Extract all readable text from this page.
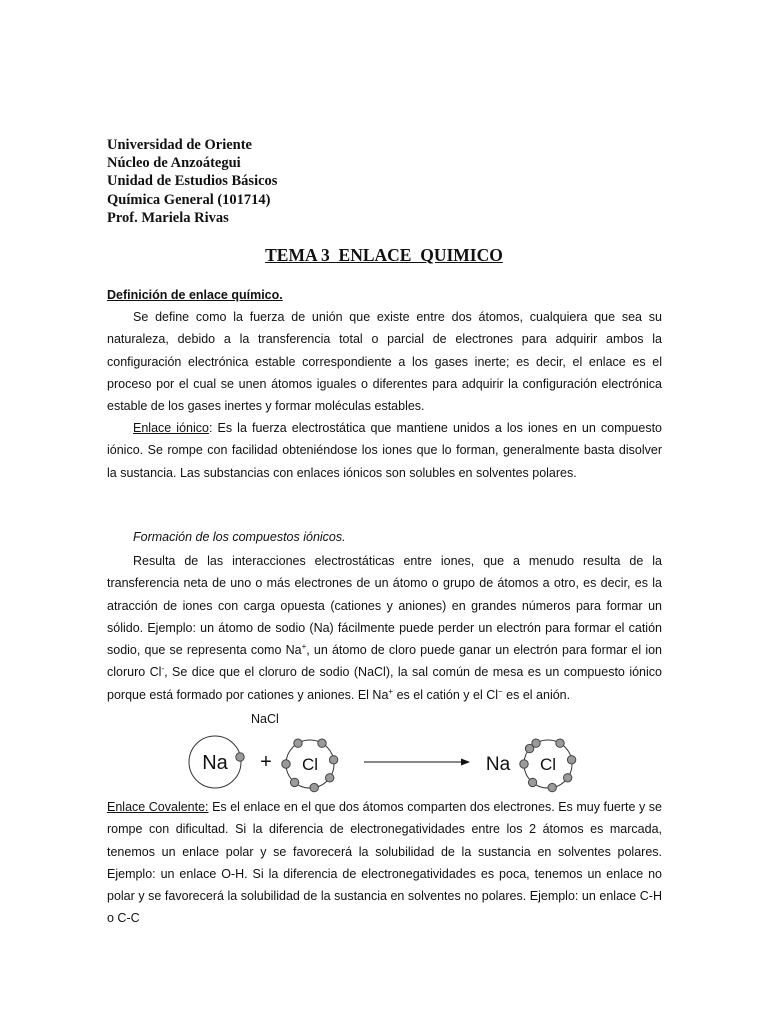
Universidad de Oriente
Núcleo de Anzoátegui
Unidad de Estudios Básicos
Química General (101714)
Prof. Mariela Rivas
TEMA 3  ENLACE  QUIMICO
Definición de enlace químico.
Se define como la fuerza de unión que existe entre dos átomos, cualquiera que sea su naturaleza, debido a la transferencia total o parcial de electrones para adquirir ambos la configuración electrónica estable correspondiente a los gases inerte; es decir, el enlace es el proceso por el cual se unen átomos iguales o diferentes para adquirir la configuración electrónica estable de los gases inertes y formar moléculas estables.
Enlace iónico: Es la fuerza electrostática que mantiene unidos a los iones en un compuesto iónico. Se rompe con facilidad obteniéndose los iones que lo forman, generalmente basta disolver la sustancia. Las substancias con enlaces iónicos son solubles en solventes polares.
Formación de los compuestos iónicos.
Resulta de las interacciones electrostáticas entre iones, que a menudo resulta de la transferencia neta de uno o más electrones de un átomo o grupo de átomos a otro, es decir, es la atracción de iones con carga opuesta (cationes y aniones) en grandes números para formar un sólido. Ejemplo: un átomo de sodio (Na) fácilmente puede perder un electrón para formar el catión sodio, que se representa como Na+, un átomo de cloro puede ganar un electrón para formar el ion cloruro Cl-, Se dice que el cloruro de sodio (NaCl), la sal común de mesa es un compuesto iónico porque está formado por cationes y aniones. El Na+ es el catión y el Cl− es el anión.
NaCl
Na + Cl	Na Cl
Enlace Covalente: Es el enlace en el que dos átomos comparten dos electrones. Es muy fuerte y se rompe con dificultad. Si la diferencia de electronegatividades entre los 2 átomos es marcada, tenemos un enlace polar y se favorecerá la solubilidad de la sustancia en solventes polares. Ejemplo: un enlace O-H. Si la diferencia de electronegatividades es poca, tenemos un enlace no polar y se favorecerá la solubilidad de la sustancia en solventes no polares. Ejemplo: un enlace C-H o C-C
